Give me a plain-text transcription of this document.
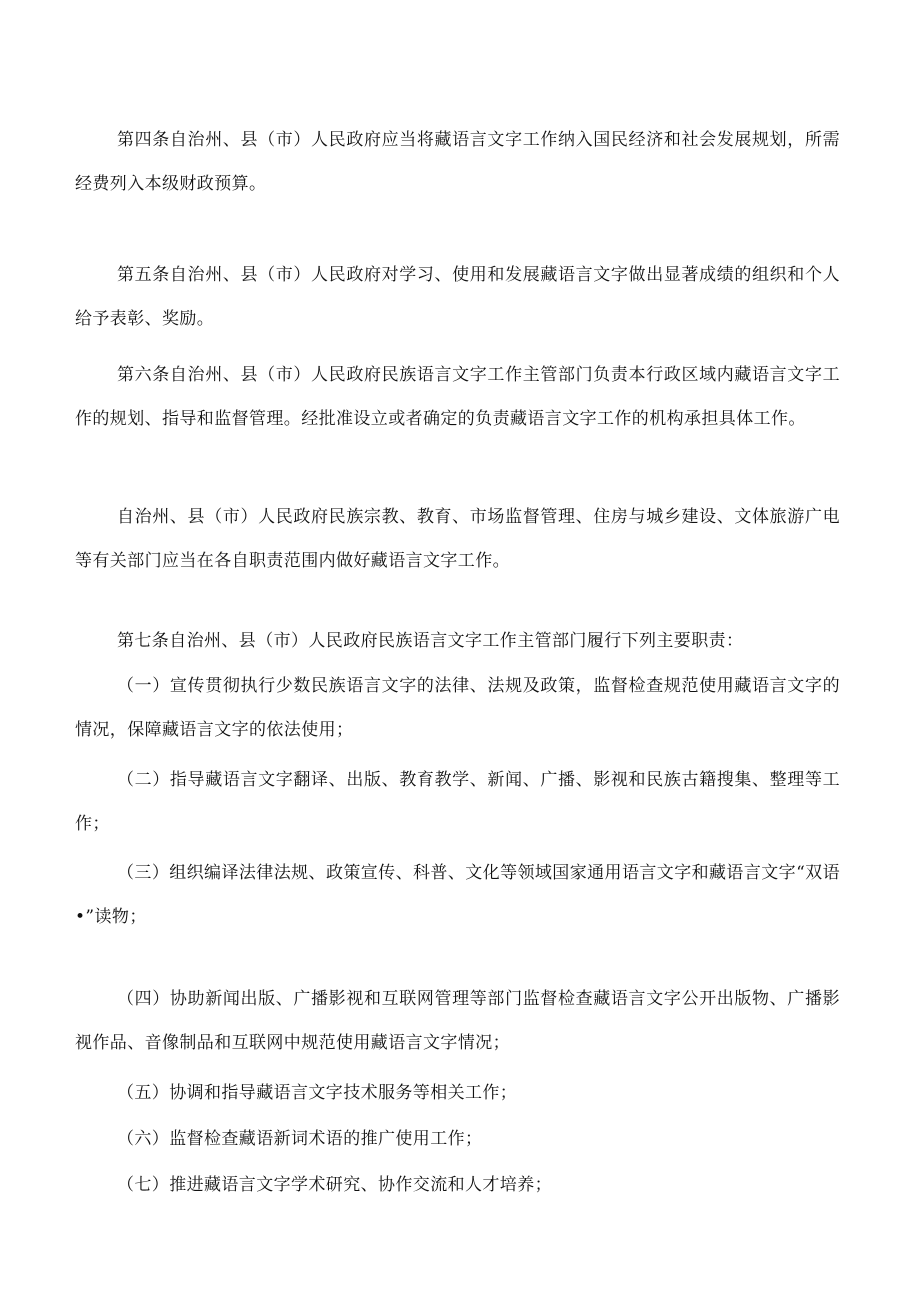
第四条自治州、县（市）人民政府应当将藏语言文字工作纳入国民经济和社会发展规划，所需经费列入本级财政预算。

第五条自治州、县（市）人民政府对学习、使用和发展藏语言文字做出显著成绩的组织和个人给予表彰、奖励。

第六条自治州、县（市）人民政府民族语言文字工作主管部门负责本行政区域内藏语言文字工作的规划、指导和监督管理。经批准设立或者确定的负责藏语言文字工作的机构承担具体工作。

自治州、县（市）人民政府民族宗教、教育、市场监督管理、住房与城乡建设、文体旅游广电等有关部门应当在各自职责范围内做好藏语言文字工作。

第七条自治州、县（市）人民政府民族语言文字工作主管部门履行下列主要职责：

（一）宣传贯彻执行少数民族语言文字的法律、法规及政策，监督检查规范使用藏语言文字的情况，保障藏语言文字的依法使用；

（二）指导藏语言文字翻译、出版、教育教学、新闻、广播、影视和民族古籍搜集、整理等工作；

（三）组织编译法律法规、政策宣传、科普、文化等领域国家通用语言文字和藏语言文字“双语•”读物；

（四）协助新闻出版、广播影视和互联网管理等部门监督检查藏语言文字公开出版物、广播影视作品、音像制品和互联网中规范使用藏语言文字情况；

（五）协调和指导藏语言文字技术服务等相关工作；

（六）监督检查藏语新词术语的推广使用工作；

（七）推进藏语言文字学术研究、协作交流和人才培养；
